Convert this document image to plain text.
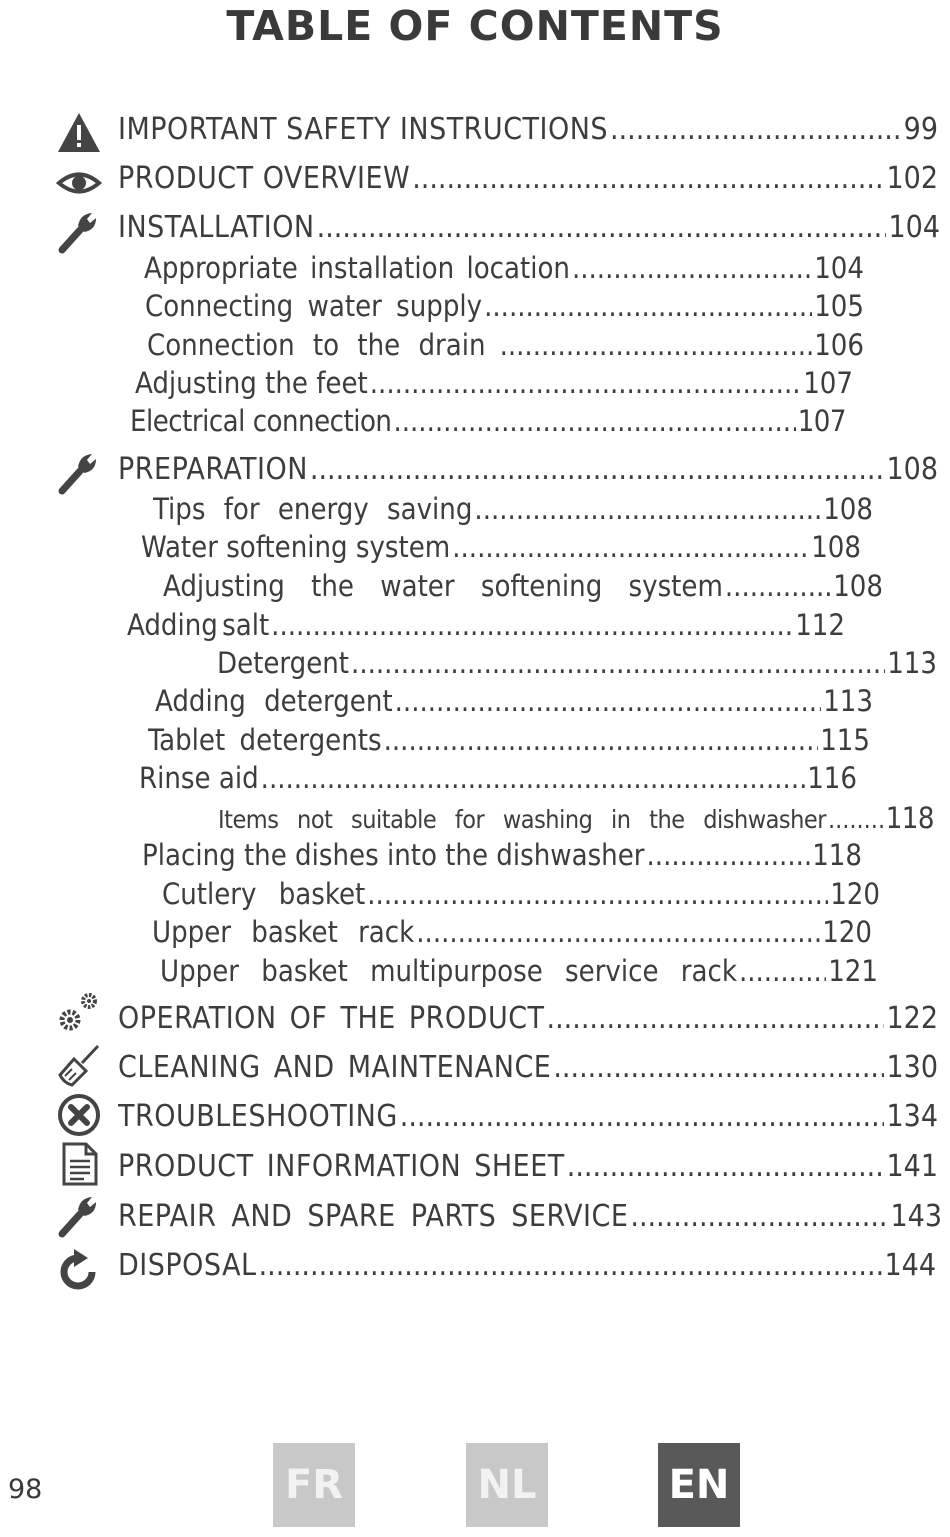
TABLE OF CONTENTS
IMPORTANT SAFETY INSTRUCTIONS .....	99
PRODUCT OVERVIEW .....	102
INSTALLATION .....	104
Appropriate installation location .....	104
Connecting water supply .....	105
Connection to the drain .....	106
Adjusting the feet .....	107
Electrical connection .....	107
PREPARATION .....	108
Tips for energy saving .....	108
Water softening system .....	108
Adjusting the water softening system .....	108
Adding salt .....	112
Detergent .....	113
Adding detergent .....	113
Tablet detergents .....	115
Rinse aid .....	116
Items not suitable for washing in the dishwasher ..... 118
Placing the dishes into the dishwasher .....	118
Cutlery basket .....	120
Upper basket rack .....	120
Upper basket multipurpose service rack .....	121
OPERATION OF THE PRODUCT .....	122
CLEANING AND MAINTENANCE .....	130
TROUBLESHOOTING .....	134
PRODUCT INFORMATION SHEET .....	141
REPAIR AND SPARE PARTS SERVICE .....	143
DISPOSAL .....	144
98	FR	NL	EN
